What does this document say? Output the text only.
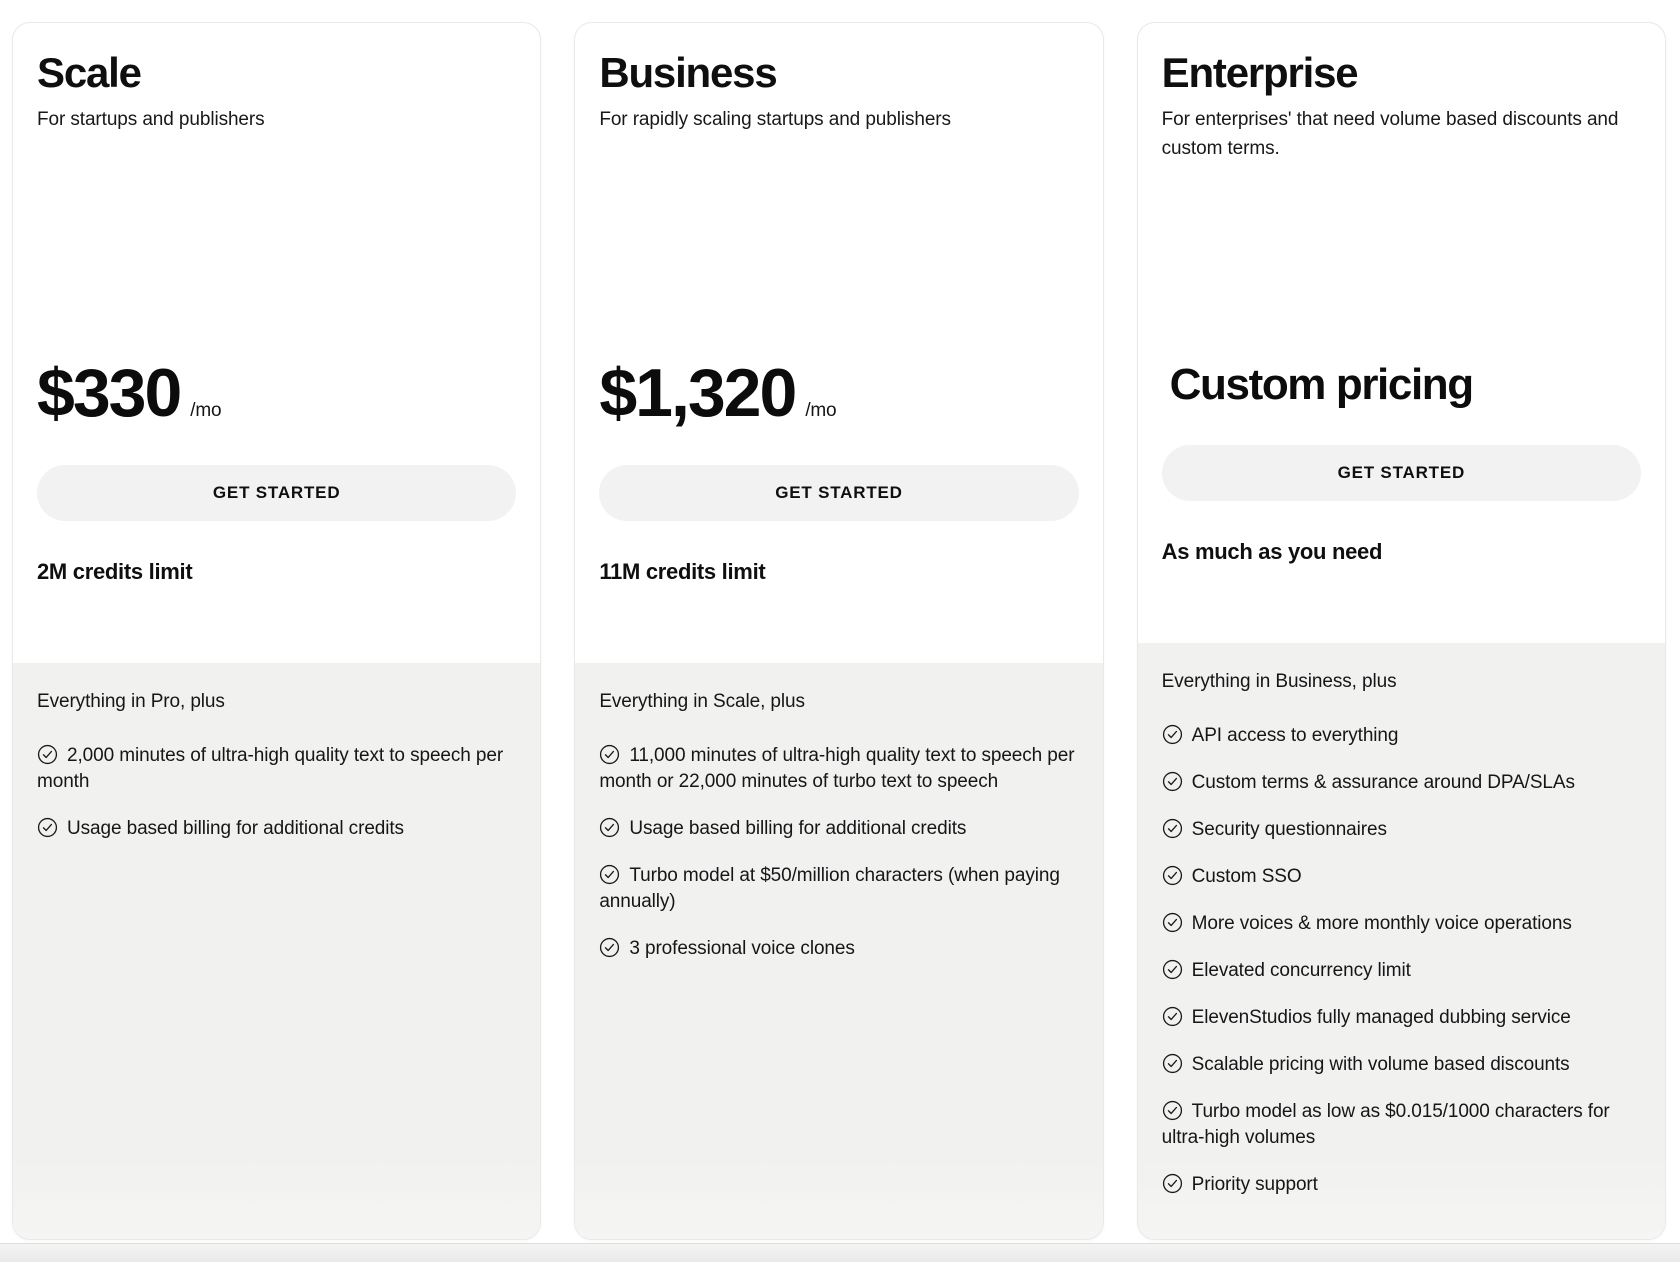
Scale
For startups and publishers
$330 /mo
GET STARTED
2M credits limit
Everything in Pro, plus
2,000 minutes of ultra-high quality text to speech per month
Usage based billing for additional credits
Business
For rapidly scaling startups and publishers
$1,320 /mo
GET STARTED
11M credits limit
Everything in Scale, plus
11,000 minutes of ultra-high quality text to speech per month or 22,000 minutes of turbo text to speech
Usage based billing for additional credits
Turbo model at $50/million characters (when paying annually)
3 professional voice clones
Enterprise
For enterprises' that need volume based discounts and custom terms.
Custom pricing
GET STARTED
As much as you need
Everything in Business, plus
API access to everything
Custom terms & assurance around DPA/SLAs
Security questionnaires
Custom SSO
More voices & more monthly voice operations
Elevated concurrency limit
ElevenStudios fully managed dubbing service
Scalable pricing with volume based discounts
Turbo model as low as $0.015/1000 characters for ultra-high volumes
Priority support
